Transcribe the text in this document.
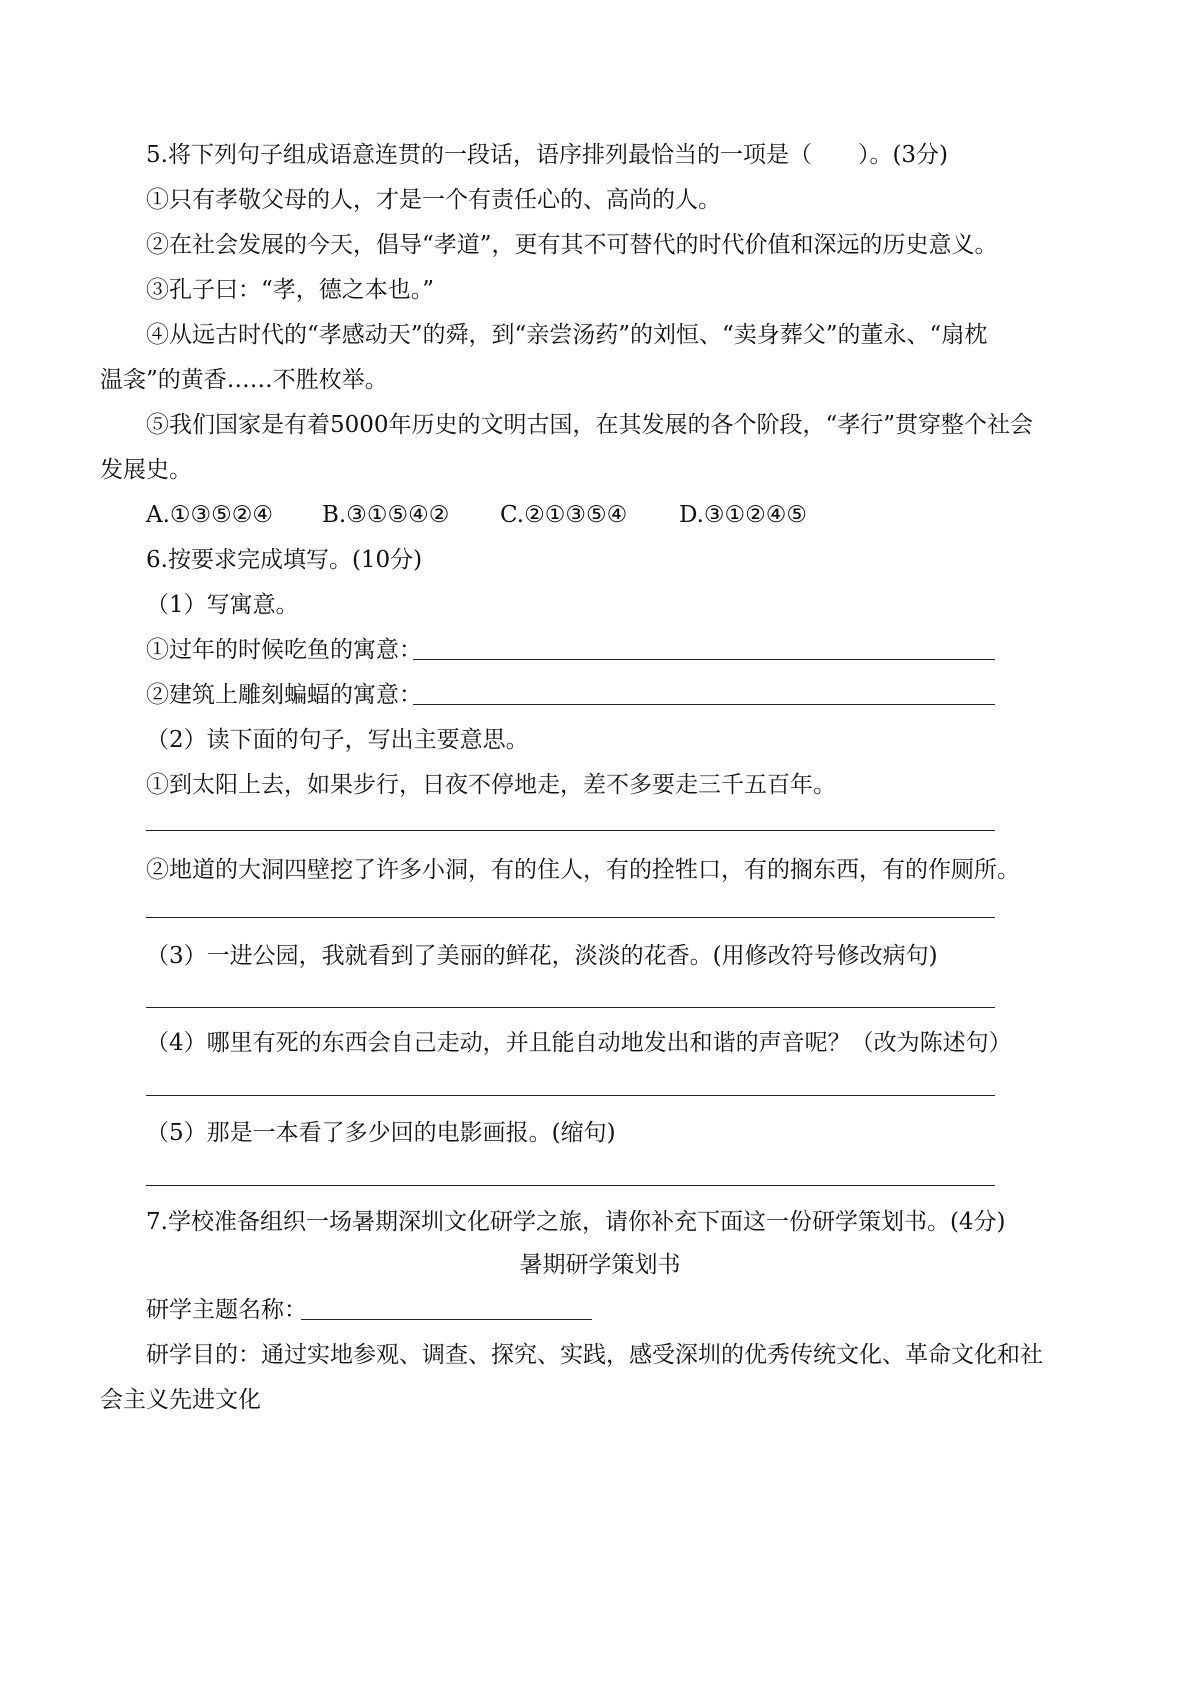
5.将下列句子组成语意连贯的一段话，语序排列最恰当的一项是（　　）。(3分)
①只有孝敬父母的人，才是一个有责任心的、高尚的人。
②在社会发展的今天，倡导“孝道”，更有其不可替代的时代价值和深远的历史意义。
③孔子曰：“孝，德之本也。”
④从远古时代的“孝感动天”的舜，到“亲尝汤药”的刘恒、“卖身葬父”的董永、“扇枕
温衾”的黄香……不胜枚举。
⑤我们国家是有着5000年历史的文明古国，在其发展的各个阶段，“孝行”贯穿整个社会
发展史。
A.①③⑤②④ B.③①⑤④② C.②①③⑤④ D.③①②④⑤
6.按要求完成填写。(10分)
（1）写寓意。
①过年的时候吃鱼的寓意：
②建筑上雕刻蝙蝠的寓意：
（2）读下面的句子，写出主要意思。
①到太阳上去，如果步行，日夜不停地走，差不多要走三千五百年。
②地道的大洞四壁挖了许多小洞，有的住人，有的拴牲口，有的搁东西，有的作厕所。
（3）一进公园，我就看到了美丽的鲜花，淡淡的花香。(用修改符号修改病句)
（4）哪里有死的东西会自己走动，并且能自动地发出和谐的声音呢？（改为陈述句）
（5）那是一本看了多少回的电影画报。(缩句)
7.学校准备组织一场暑期深圳文化研学之旅，请你补充下面这一份研学策划书。(4分)
暑期研学策划书
研学主题名称：
研学目的：通过实地参观、调查、探究、实践，感受深圳的优秀传统文化、革命文化和社
会主义先进文化
